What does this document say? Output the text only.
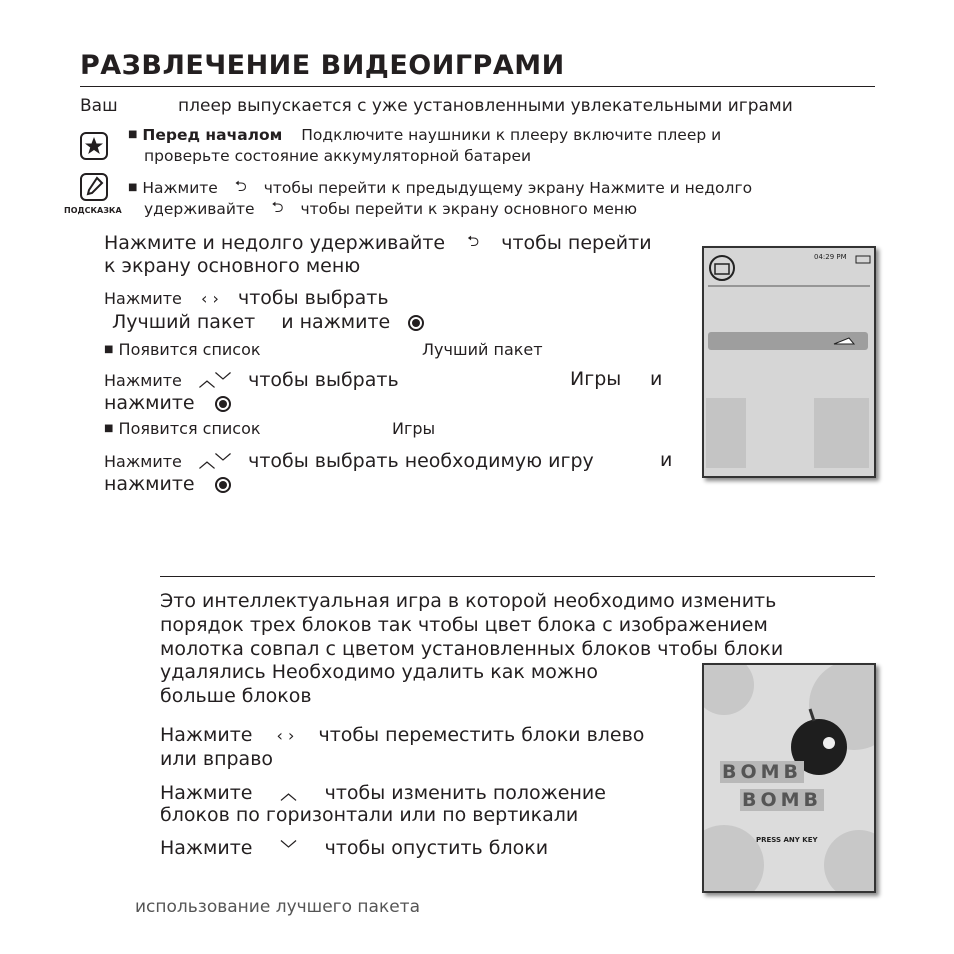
РАЗВЛЕЧЕНИЕ ВИДЕОИГРАМИ
Ваш	плеер выпускается с уже установленными увлекательными играми
■ Перед началом Подключите наушники к плееру включите плеер и
проверьте состояние аккумуляторной батареи
ПОДСКАЗКА
■ Нажмите ⮌ чтобы перейти к предыдущему экрану Нажмите и недолго
удерживайте ⮌ чтобы перейти к экрану основного меню
Нажмите и недолго удерживайте ⮌ чтобы перейти
к экрану основного меню
Нажмите ‹ › чтобы выбрать
Лучший пакет и нажмите
■ Появится список	Лучший пакет
Нажмите ︿﹀ чтобы выбрать	Игры и
нажмите
■ Появится список	Игры
Нажмите ︿﹀ чтобы выбрать необходимую игру	и
нажмите
04:29 PM
Это интеллектуальная игра в которой необходимо изменить
порядок трех блоков так чтобы цвет блока с изображением
молотка совпал с цветом установленных блоков чтобы блоки
удалялись Необходимо удалить как можно
больше блоков
Нажмите ‹ › чтобы переместить блоки влево
или вправо
Нажмите ︿ чтобы изменить положение
блоков по горизонтали или по вертикали
Нажмите ﹀ чтобы опустить блоки
BOMB
BOMB
PRESS ANY KEY
использование лучшего пакета
